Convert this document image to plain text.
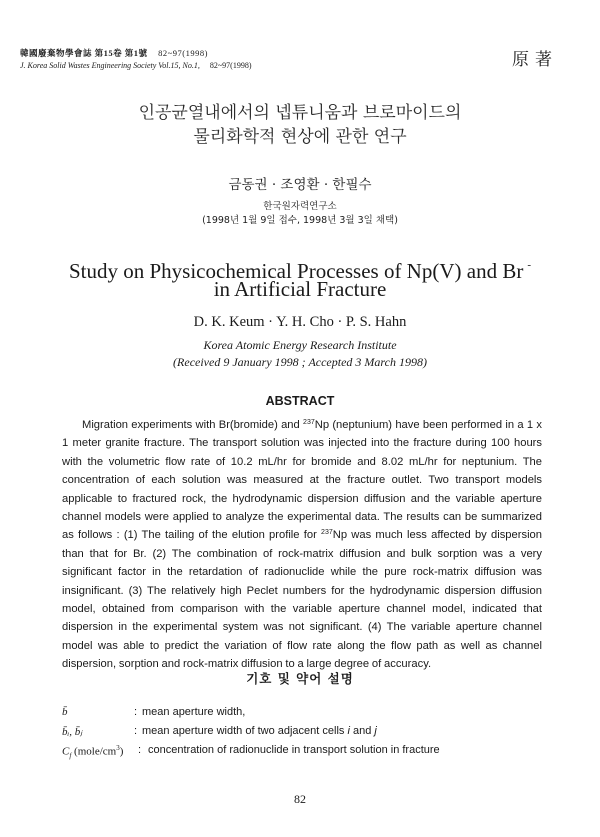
韓國廢棄物學會誌 第15卷 第1號 82~97(1998)
J. Korea Solid Wastes Engineering Society Vol.15, No.1, 82~97(1998)	原著
인공균열내에서의 넵튜니움과 브로마이드의
물리화학적 현상에 관한 연구
금동권 · 조영환 · 한필수
한국원자력연구소
(1998년 1월 9일 접수, 1998년 3월 3일 채택)
Study on Physicochemical Processes of Np(V) and Br -
in Artificial Fracture
D. K. Keum · Y. H. Cho · P. S. Hahn
Korea Atomic Energy Research Institute
(Received 9 January 1998 ; Accepted 3 March 1998)
ABSTRACT

Migration experiments with Br(bromide) and $^{237}$Np (neptunium) have been performed in a 1 x 1 meter granite fracture. The transport solution was injected into the fracture during 100 hours with the volumetric flow rate of 10.2 mL/hr for bromide and 8.02 mL/hr for neptunium. The concentration of each solution was measured at the fracture outlet. Two transport models applicable to fractured rock, the hydrodynamic dispersion diffusion and the variable aperture channel models were applied to analyze the experimental data. The results can be summarized as follows : (1) The tailing of the elution profile for $^{237}$Np was much less affected by dispersion than that for Br. (2) The combination of rock-matrix diffusion and bulk sorption was a very significant factor in the retardation of radionuclide while the pure rock-matrix diffusion was insignificant. (3) The relatively high Peclet numbers for the hydrodynamic dispersion diffusion model, obtained from comparison with the variable aperture channel model, indicated that dispersion in the experimental system was not significant. (4) The variable aperture channel model was able to predict the variation of flow rate along the flow path as well as channel dispersion, sorption and rock-matrix diffusion to a large degree of accuracy.

기호 및 약어 설명
b̄	: mean aperture width,
b̄ᵢ, b̄ⱼ	: mean aperture width of two adjacent cells i and j
$C_f$ $(mole/cm^3)$ : concentration of radionuclide in transport solution in fracture
82
